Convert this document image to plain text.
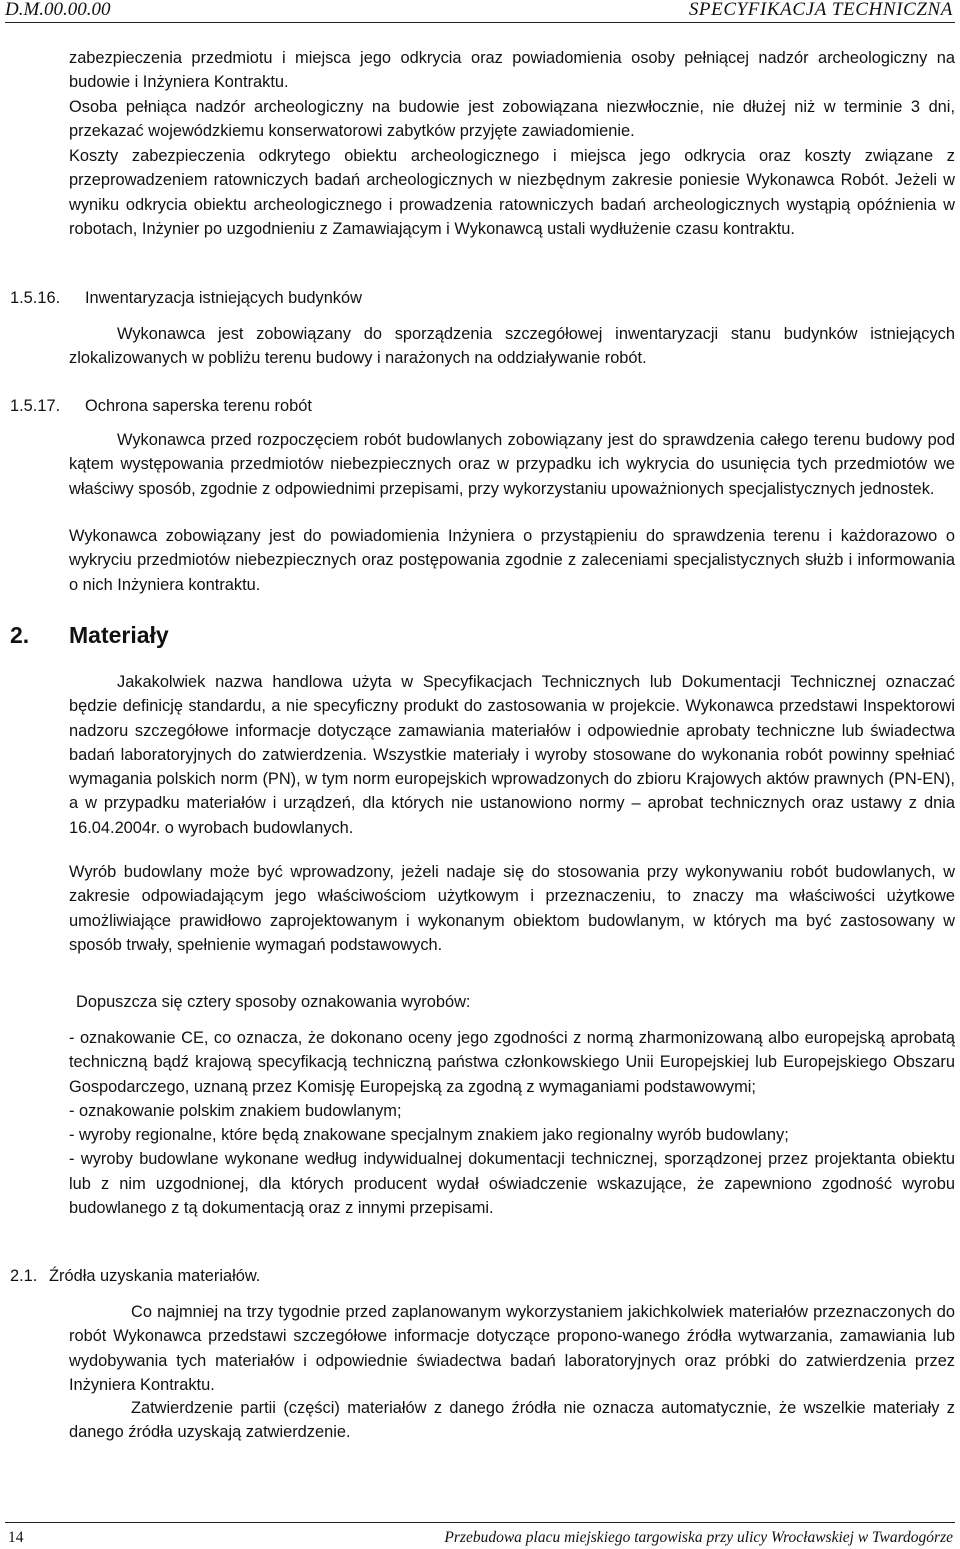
D.M.00.00.00	SPECYFIKACJA TECHNICZNA
zabezpieczenia przedmiotu i miejsca jego odkrycia oraz powiadomienia osoby pełniącej nadzór archeologiczny na budowie i Inżyniera Kontraktu.
Osoba pełniąca nadzór archeologiczny na budowie jest zobowiązana niezwłocznie, nie dłużej niż w terminie 3 dni, przekazać wojewódzkiemu konserwatorowi zabytków przyjęte zawiadomienie.
Koszty zabezpieczenia odkrytego obiektu archeologicznego i miejsca jego odkrycia oraz koszty związane z przeprowadzeniem ratowniczych badań archeologicznych w niezbędnym zakresie poniesie Wykonawca Robót. Jeżeli w wyniku odkrycia obiektu archeologicznego i prowadzenia ratowniczych badań archeologicznych wystąpią opóźnienia w robotach, Inżynier po uzgodnieniu z Zamawiającym i Wykonawcą ustali wydłużenie czasu kontraktu.
1.5.16. Inwentaryzacja istniejących budynków
Wykonawca jest zobowiązany do sporządzenia szczegółowej inwentaryzacji stanu budynków istniejących zlokalizowanych w pobliżu terenu budowy i narażonych na oddziaływanie robót.
1.5.17. Ochrona saperska terenu robót
Wykonawca przed rozpoczęciem robót budowlanych zobowiązany jest do sprawdzenia całego terenu budowy pod kątem występowania przedmiotów niebezpiecznych oraz w przypadku ich wykrycia do usunięcia tych przedmiotów we właściwy sposób, zgodnie z odpowiednimi przepisami, przy wykorzystaniu upoważnionych specjalistycznych jednostek.
Wykonawca zobowiązany jest do powiadomienia Inżyniera o przystąpieniu do sprawdzenia terenu i każdorazowo o wykryciu przedmiotów niebezpiecznych oraz postępowania zgodnie z zaleceniami specjalistycznych służb i informowania o nich Inżyniera kontraktu.
2. Materiały
Jakakolwiek nazwa handlowa użyta w Specyfikacjach Technicznych lub Dokumentacji Technicznej oznaczać będzie definicję standardu, a nie specyficzny produkt do zastosowania w projekcie. Wykonawca przedstawi Inspektorowi nadzoru szczegółowe informacje dotyczące zamawiania materiałów i odpowiednie aprobaty techniczne lub świadectwa badań laboratoryjnych do zatwierdzenia. Wszystkie materiały i wyroby stosowane do wykonania robót powinny spełniać wymagania polskich norm (PN), w tym norm europejskich wprowadzonych do zbioru Krajowych aktów prawnych (PN-EN), a w przypadku materiałów i urządzeń, dla których nie ustanowiono normy – aprobat technicznych oraz ustawy z dnia 16.04.2004r. o wyrobach budowlanych.
Wyrób budowlany może być wprowadzony, jeżeli nadaje się do stosowania przy wykonywaniu robót budowlanych, w zakresie odpowiadającym jego właściwościom użytkowym i przeznaczeniu, to znaczy ma właściwości użytkowe umożliwiające prawidłowo zaprojektowanym i wykonanym obiektom budowlanym, w których ma być zastosowany w sposób trwały, spełnienie wymagań podstawowych.
Dopuszcza się cztery sposoby oznakowania wyrobów:
- oznakowanie CE, co oznacza, że dokonano oceny jego zgodności z normą zharmonizowaną albo europejską aprobatą techniczną bądź krajową specyfikacją techniczną państwa członkowskiego Unii Europejskiej lub Europejskiego Obszaru Gospodarczego, uznaną przez Komisję Europejską za zgodną z wymaganiami podstawowymi;
- oznakowanie polskim znakiem budowlanym;
- wyroby regionalne, które będą znakowane specjalnym znakiem jako regionalny wyrób budowlany;
- wyroby budowlane wykonane według indywidualnej dokumentacji technicznej, sporządzonej przez projektanta obiektu lub z nim uzgodnionej, dla których producent wydał oświadczenie wskazujące, że zapewniono zgodność wyrobu budowlanego z tą dokumentacją oraz z innymi przepisami.
2.1. Źródła uzyskania materiałów.
Co najmniej na trzy tygodnie przed zaplanowanym wykorzystaniem jakichkolwiek materiałów przeznaczonych do robót Wykonawca przedstawi szczegółowe informacje dotyczące propono-wanego źródła wytwarzania, zamawiania lub wydobywania tych materiałów i odpowiednie świadectwa badań laboratoryjnych oraz próbki do zatwierdzenia przez Inżyniera Kontraktu.
Zatwierdzenie partii (części) materiałów z danego źródła nie oznacza automatycznie, że wszelkie materiały z danego źródła uzyskają zatwierdzenie.
14	Przebudowa placu miejskiego targowiska przy ulicy Wrocławskiej w Twardogórze
